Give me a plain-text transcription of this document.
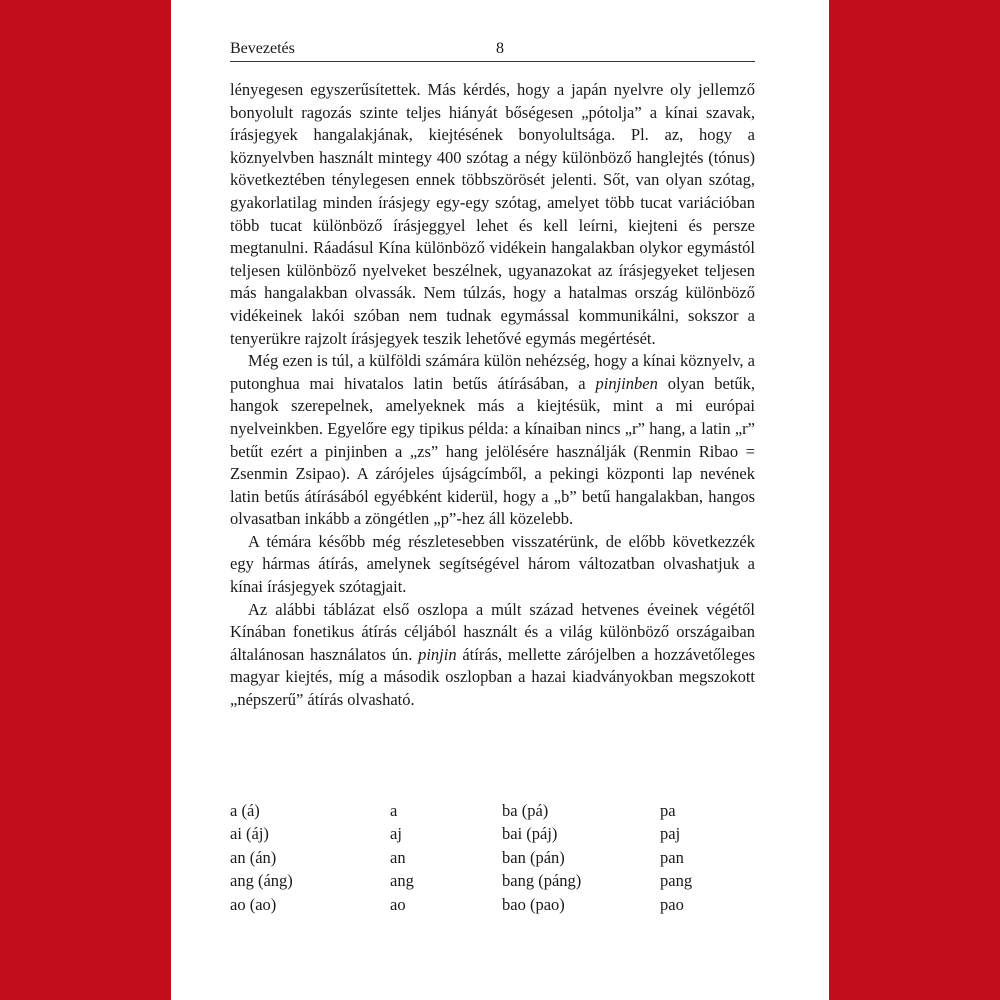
Bevezetés	8

lényegesen egyszerűsítettek. Más kérdés, hogy a japán nyelvre oly jellemző bonyolult ragozás szinte teljes hiányát bőségesen „pótolja” a kínai szavak, írásjegyek hangalakjának, kiejtésének bonyolultsága. Pl. az, hogy a köznyelvben használt mintegy 400 szótag a négy különböző hanglejtés (tónus) következtében ténylegesen ennek többszörösét jelenti. Sőt, van olyan szótag, gyakorlatilag minden írásjegy egy-egy szótag, amelyet több tucat variációban több tucat különböző írásjeggyel lehet és kell leírni, kiejteni és persze megtanulni. Ráadásul Kína különböző vidékein hangalakban olykor egymástól teljesen különböző nyelveket beszélnek, ugyanazokat az írásjegyeket teljesen más hangalakban olvassák. Nem túlzás, hogy a hatalmas ország különböző vidékeinek lakói szóban nem tudnak egymással kommunikálni, sokszor a tenyerükre rajzolt írásjegyek teszik lehetővé egymás megértését.

Még ezen is túl, a külföldi számára külön nehézség, hogy a kínai köznyelv, a putonghua mai hivatalos latin betűs átírásában, a pinjinben olyan betűk, hangok szerepelnek, amelyeknek más a kiejtésük, mint a mi európai nyelveinkben. Egyelőre egy tipikus példa: a kínaiban nincs „r” hang, a latin „r” betűt ezért a pinjinben a „zs” hang jelölésére használják (Renmin Ribao = Zsenmin Zsipao). A zárójeles újságcímből, a pekingi központi lap nevének latin betűs átírásából egyébként kiderül, hogy a „b” betű hangalakban, hangos olvasatban inkább a zöngétlen „p”-hez áll közelebb.

A témára később még részletesebben visszatérünk, de előbb következzék egy hármas átírás, amelynek segítségével három változatban olvashatjuk a kínai írásjegyek szótagjait.

Az alábbi táblázat első oszlopa a múlt század hetvenes éveinek végétől Kínában fonetikus átírás céljából használt és a világ különböző országaiban általánosan használatos ún. pinjin átírás, mellette zárójelben a hozzávetőleges magyar kiejtés, míg a második oszlopban a hazai kiadványokban megszokott „népszerű” átírás olvasható.

a (á)	a	ba (pá)	pa
ai (áj)	aj	bai (páj)	paj
an (án)	an	ban (pán)	pan
ang (áng)	ang	bang (páng)	pang
ao (ao)	ao	bao (pao)	pao
